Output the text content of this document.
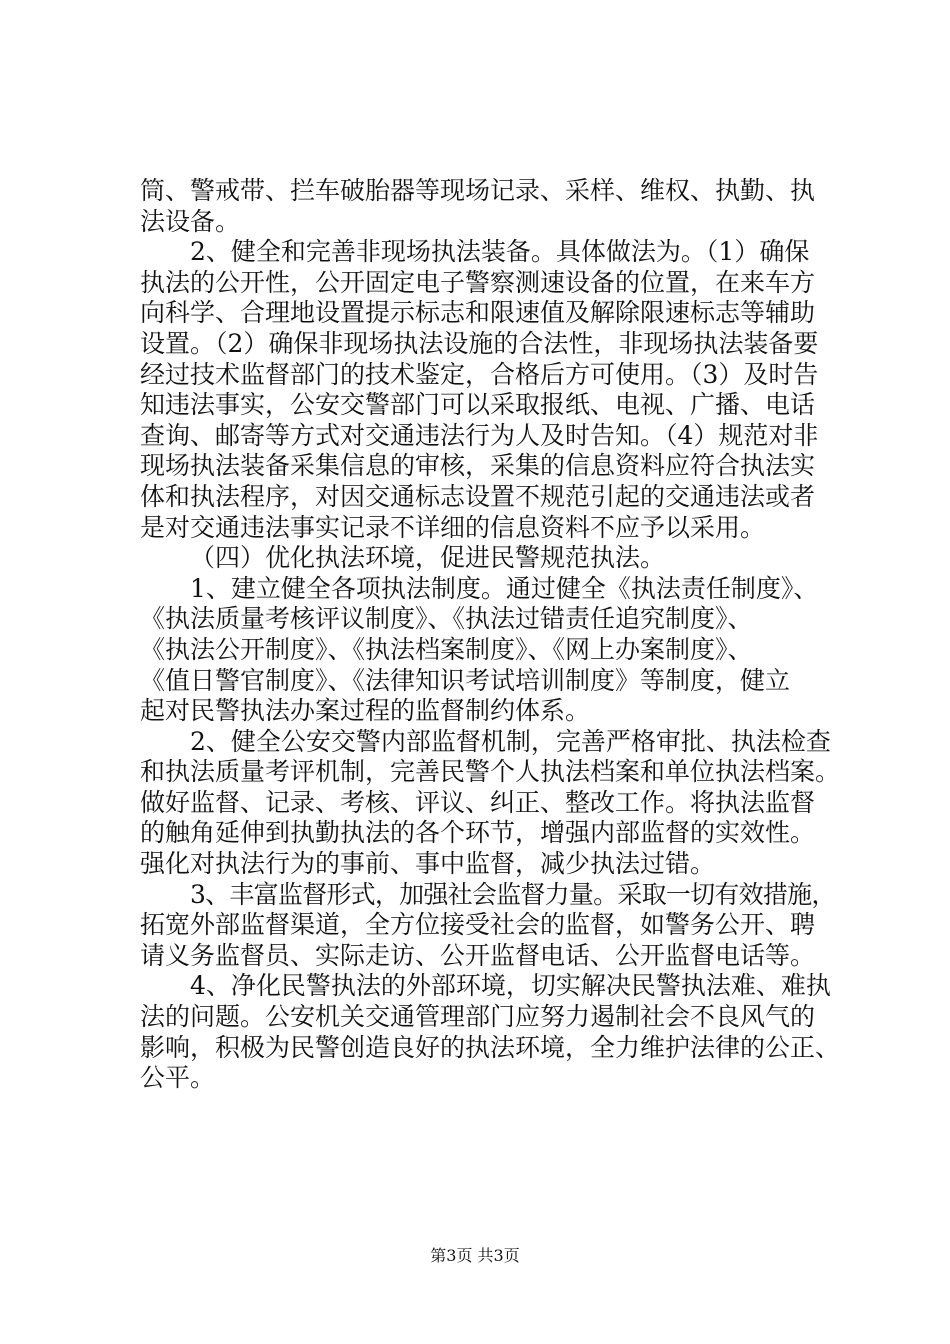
筒、警戒带、拦车破胎器等现场记录、采样、维权、执勤、执
法设备。
2、健全和完善非现场执法装备。具体做法为。（1）确保
执法的公开性，公开固定电子警察测速设备的位置，在来车方
向科学、合理地设置提示标志和限速值及解除限速标志等辅助
设置。（2）确保非现场执法设施的合法性，非现场执法装备要
经过技术监督部门的技术鉴定，合格后方可使用。（3）及时告
知违法事实，公安交警部门可以采取报纸、电视、广播、电话
查询、邮寄等方式对交通违法行为人及时告知。（4）规范对非
现场执法装备采集信息的审核，采集的信息资料应符合执法实
体和执法程序，对因交通标志设置不规范引起的交通违法或者
是对交通违法事实记录不详细的信息资料不应予以采用。
（四）优化执法环境，促进民警规范执法。
1、建立健全各项执法制度。通过健全《执法责任制度》、
《执法质量考核评议制度》、《执法过错责任追究制度》、
《执法公开制度》、《执法档案制度》、《网上办案制度》、
《值日警官制度》、《法律知识考试培训制度》等制度，健立
起对民警执法办案过程的监督制约体系。
2、健全公安交警内部监督机制，完善严格审批、执法检查
和执法质量考评机制，完善民警个人执法档案和单位执法档案。
做好监督、记录、考核、评议、纠正、整改工作。将执法监督
的触角延伸到执勤执法的各个环节，增强内部监督的实效性。
强化对执法行为的事前、事中监督，减少执法过错。
3、丰富监督形式，加强社会监督力量。采取一切有效措施，
拓宽外部监督渠道，全方位接受社会的监督，如警务公开、聘
请义务监督员、实际走访、公开监督电话、公开监督电话等。
4、净化民警执法的外部环境，切实解决民警执法难、难执
法的问题。公安机关交通管理部门应努力遏制社会不良风气的
影响，积极为民警创造良好的执法环境，全力维护法律的公正、
公平。
第3页 共3页
